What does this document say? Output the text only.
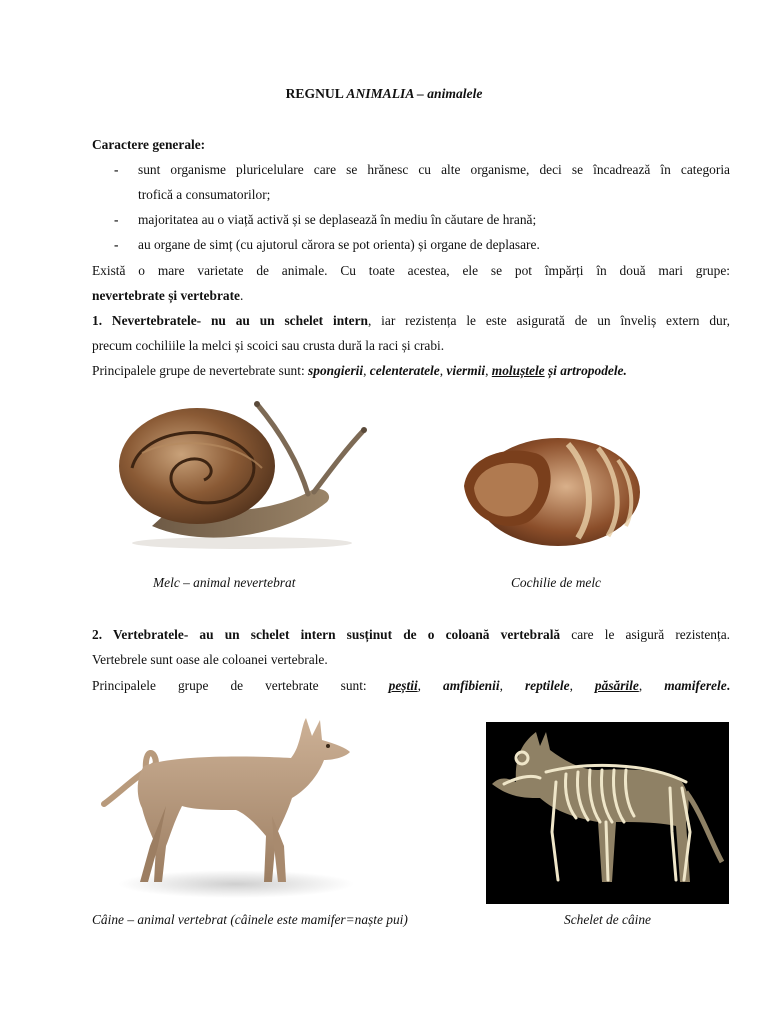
REGNUL ANIMALIA – animalele
Caractere generale:
- sunt organisme pluricelulare care se hrănesc cu alte organisme, deci se încadrează în categoria
trofică a consumatorilor;
- majoritatea au o viață activă și se deplasează în mediu în căutare de hrană;
- au organe de simț (cu ajutorul cărora se pot orienta) și organe de deplasare.
Există o mare varietate de animale. Cu toate acestea, ele se pot împărți în două mari grupe:
nevertebrate și vertebrate.
1. Nevertebratele- nu au un schelet intern, iar rezistența le este asigurată de un înveliș extern dur,
precum cochiliile la melci și scoici sau crusta dură la raci și crabi.
Principalele grupe de nevertebrate sunt: spongierii, celenteratele, viermii, moluștele și artropodele.
Melc – animal nevertebrat	Cochilie de melc
2. Vertebratele- au un schelet intern susținut de o coloană vertebrală care le asigură rezistența.
Vertebrele sunt oase ale coloanei vertebrale.
Principalele grupe de vertebrate sunt: peștii, amfibienii, reptilele, păsările, mamiferele.
Câine – animal vertebrat (câinele este mamifer=naște pui)	Schelet de câine
